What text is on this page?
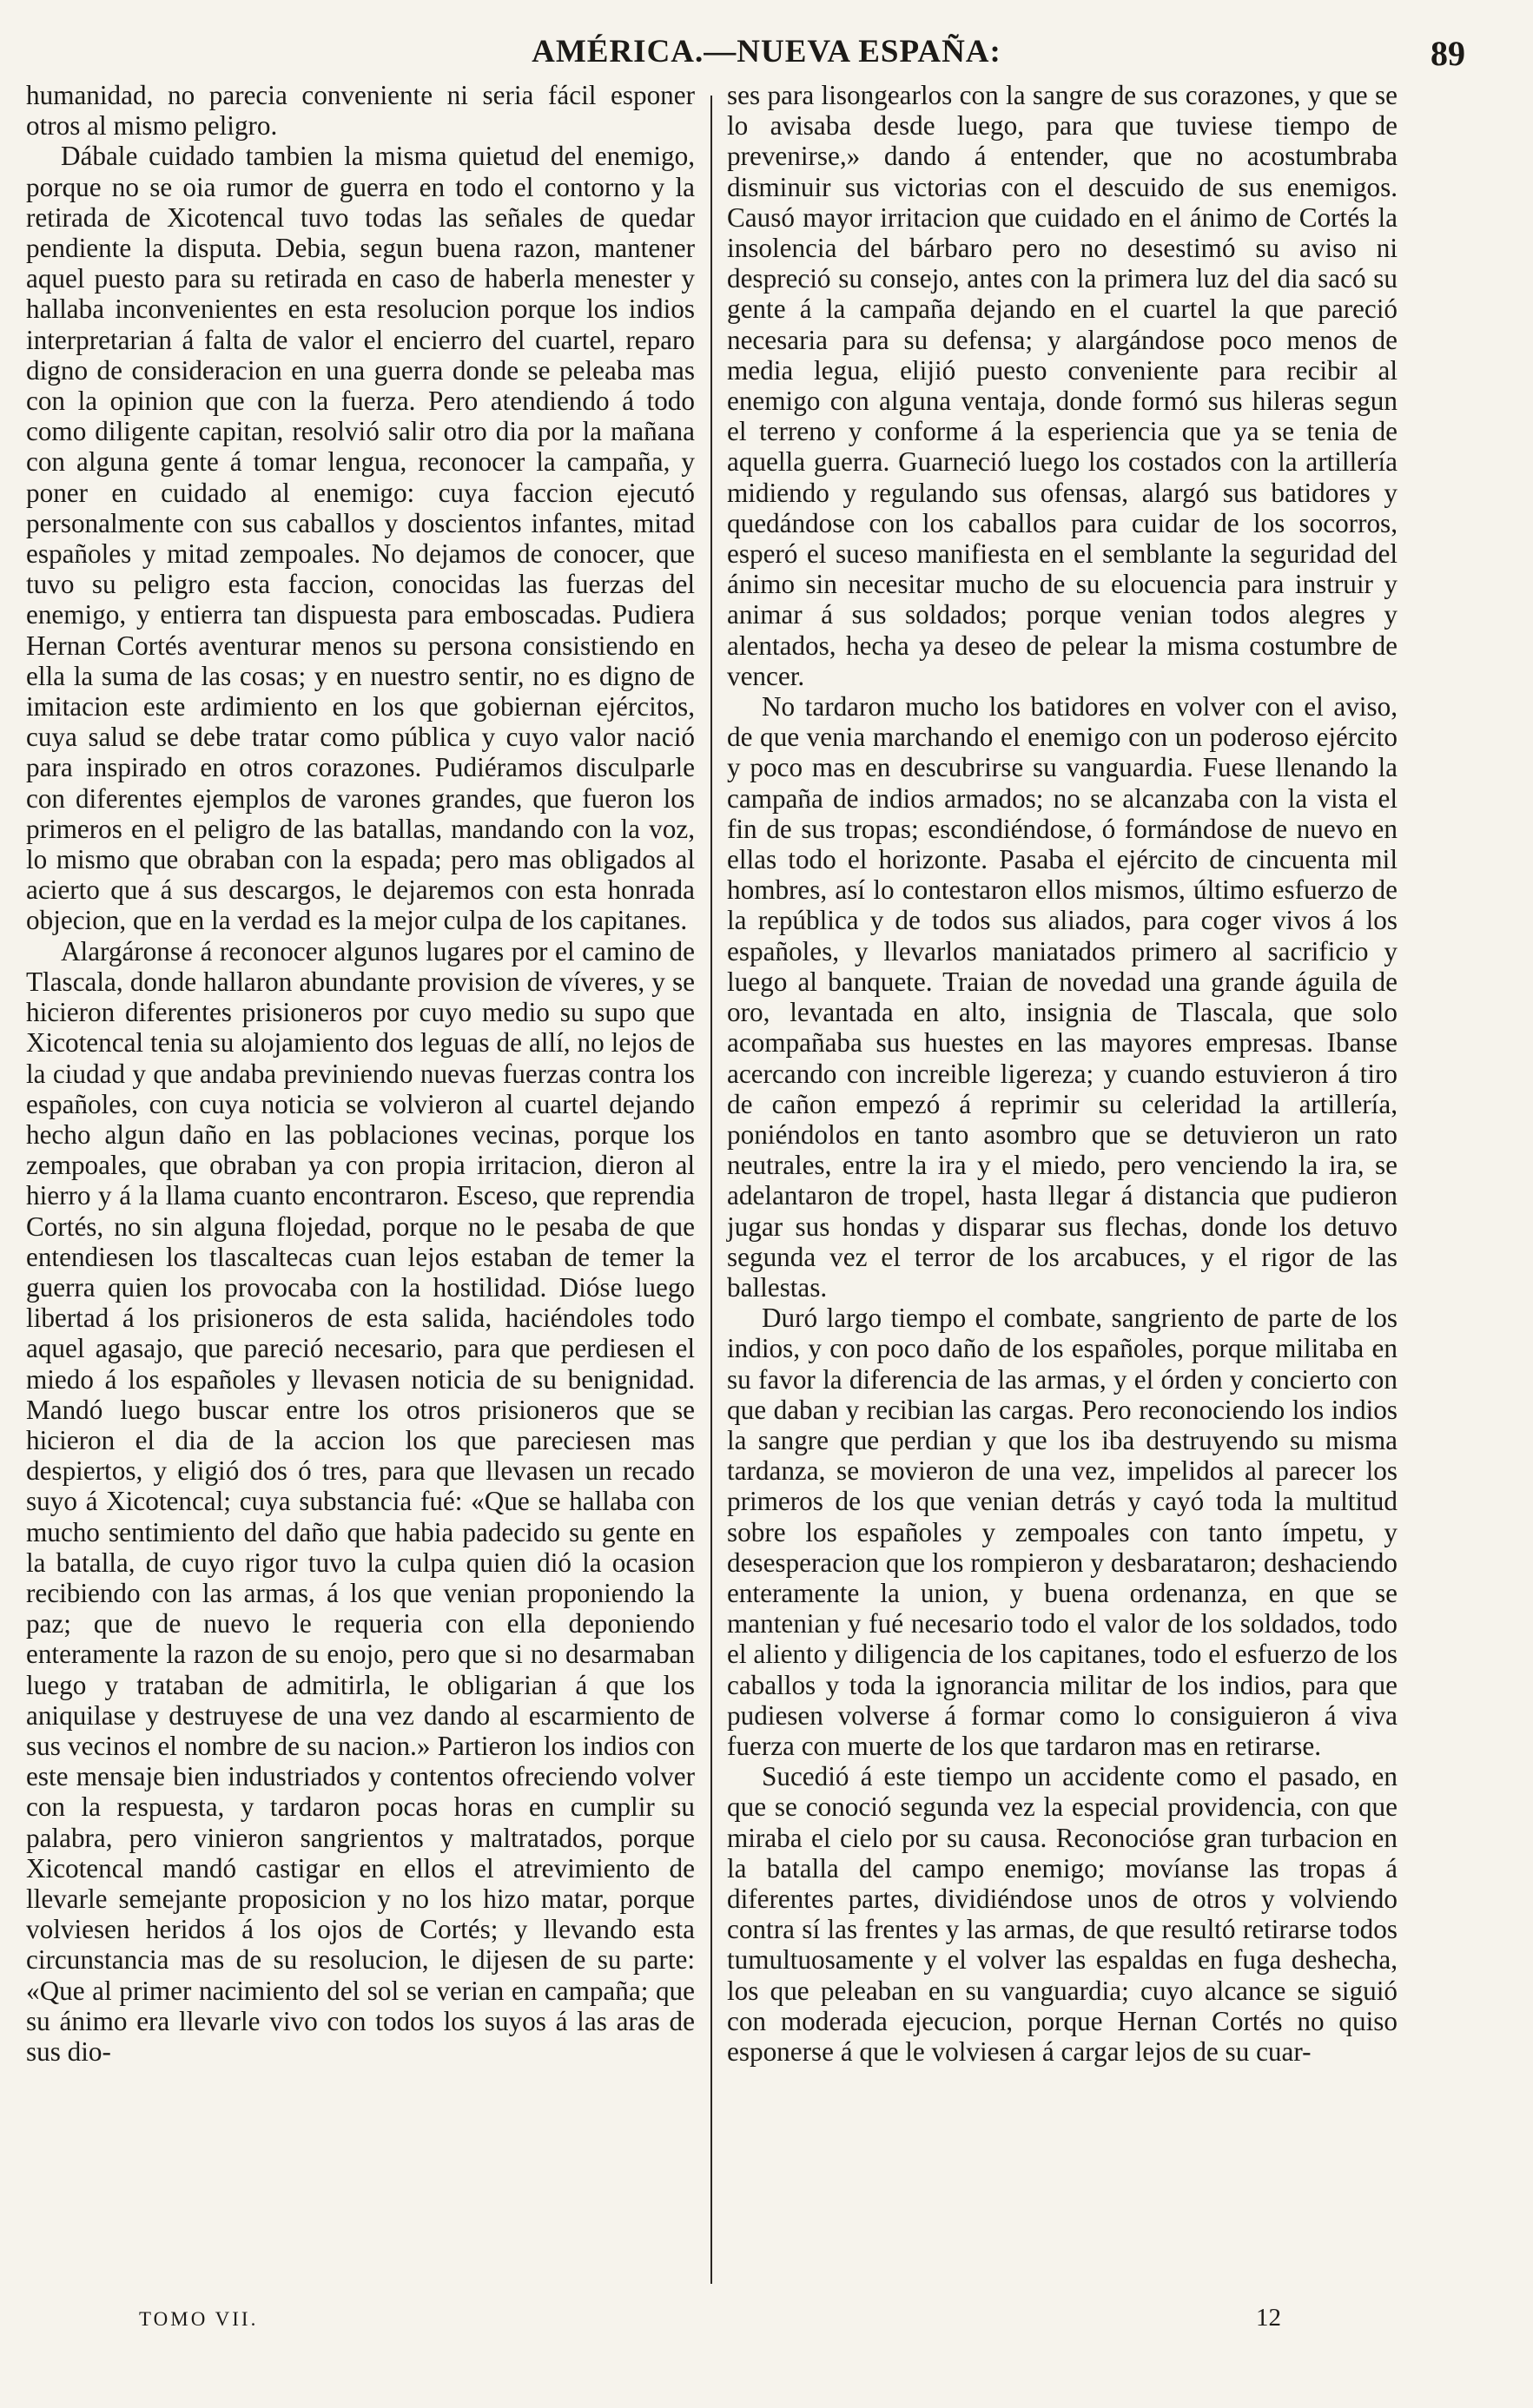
AMÉRICA.—NUEVA ESPAÑA:	89

humanidad, no parecia conveniente ni seria fácil esponer otros al mismo peligro.

Dábale cuidado tambien la misma quietud del enemigo, porque no se oia rumor de guerra en todo el contorno y la retirada de Xicotencal tuvo todas las señales de quedar pendiente la disputa. Debia, segun buena razon, mantener aquel puesto para su retirada en caso de haberla menester y hallaba inconvenientes en esta resolucion porque los indios interpretarian á falta de valor el encierro del cuartel, reparo digno de consideracion en una guerra donde se peleaba mas con la opinion que con la fuerza. Pero atendiendo á todo como diligente capitan, resolvió salir otro dia por la mañana con alguna gente á tomar lengua, reconocer la campaña, y poner en cuidado al enemigo: cuya faccion ejecutó personalmente con sus caballos y doscientos infantes, mitad españoles y mitad zempoales. No dejamos de conocer, que tuvo su peligro esta faccion, conocidas las fuerzas del enemigo, y entierra tan dispuesta para emboscadas. Pudiera Hernan Cortés aventurar menos su persona consistiendo en ella la suma de las cosas; y en nuestro sentir, no es digno de imitacion este ardimiento en los que gobiernan ejércitos, cuya salud se debe tratar como pública y cuyo valor nació para inspirado en otros corazones. Pudiéramos disculparle con diferentes ejemplos de varones grandes, que fueron los primeros en el peligro de las batallas, mandando con la voz, lo mismo que obraban con la espada; pero mas obligados al acierto que á sus descargos, le dejaremos con esta honrada objecion, que en la verdad es la mejor culpa de los capitanes.

Alargáronse á reconocer algunos lugares por el camino de Tlascala, donde hallaron abundante provision de víveres, y se hicieron diferentes prisioneros por cuyo medio su supo que Xicotencal tenia su alojamiento dos leguas de allí, no lejos de la ciudad y que andaba previniendo nuevas fuerzas contra los españoles, con cuya noticia se volvieron al cuartel dejando hecho algun daño en las poblaciones vecinas, porque los zempoales, que obraban ya con propia irritacion, dieron al hierro y á la llama cuanto encontraron. Esceso, que reprendia Cortés, no sin alguna flojedad, porque no le pesaba de que entendiesen los tlascaltecas cuan lejos estaban de temer la guerra quien los provocaba con la hostilidad. Dióse luego libertad á los prisioneros de esta salida, haciéndoles todo aquel agasajo, que pareció necesario, para que perdiesen el miedo á los españoles y llevasen noticia de su benignidad. Mandó luego buscar entre los otros prisioneros que se hicieron el dia de la accion los que pareciesen mas despiertos, y eligió dos ó tres, para que llevasen un recado suyo á Xicotencal; cuya substancia fué: «Que se hallaba con mucho sentimiento del daño que habia padecido su gente en la batalla, de cuyo rigor tuvo la culpa quien dió la ocasion recibiendo con las armas, á los que venian proponiendo la paz; que de nuevo le requeria con ella deponiendo enteramente la razon de su enojo, pero que si no desarmaban luego y trataban de admitirla, le obligarian á que los aniquilase y destruyese de una vez dando al escarmiento de sus vecinos el nombre de su nacion.» Partieron los indios con este mensaje bien industriados y contentos ofreciendo volver con la respuesta, y tardaron pocas horas en cumplir su palabra, pero vinieron sangrientos y maltratados, porque Xicotencal mandó castigar en ellos el atrevimiento de llevarle semejante proposicion y no los hizo matar, porque volviesen heridos á los ojos de Cortés; y llevando esta circunstancia mas de su resolucion, le dijesen de su parte: «Que al primer nacimiento del sol se verian en campaña; que su ánimo era llevarle vivo con todos los suyos á las aras de sus dio-

ses para lisongearlos con la sangre de sus corazones, y que se lo avisaba desde luego, para que tuviese tiempo de prevenirse,» dando á entender, que no acostumbraba disminuir sus victorias con el descuido de sus enemigos. Causó mayor irritacion que cuidado en el ánimo de Cortés la insolencia del bárbaro pero no desestimó su aviso ni despreció su consejo, antes con la primera luz del dia sacó su gente á la campaña dejando en el cuartel la que pareció necesaria para su defensa; y alargándose poco menos de media legua, elijió puesto conveniente para recibir al enemigo con alguna ventaja, donde formó sus hileras segun el terreno y conforme á la esperiencia que ya se tenia de aquella guerra. Guarneció luego los costados con la artillería midiendo y regulando sus ofensas, alargó sus batidores y quedándose con los caballos para cuidar de los socorros, esperó el suceso manifiesta en el semblante la seguridad del ánimo sin necesitar mucho de su elocuencia para instruir y animar á sus soldados; porque venian todos alegres y alentados, hecha ya deseo de pelear la misma costumbre de vencer.

No tardaron mucho los batidores en volver con el aviso, de que venia marchando el enemigo con un poderoso ejército y poco mas en descubrirse su vanguardia. Fuese llenando la campaña de indios armados; no se alcanzaba con la vista el fin de sus tropas; escondiéndose, ó formándose de nuevo en ellas todo el horizonte. Pasaba el ejército de cincuenta mil hombres, así lo contestaron ellos mismos, último esfuerzo de la república y de todos sus aliados, para coger vivos á los españoles, y llevarlos maniatados primero al sacrificio y luego al banquete. Traian de novedad una grande águila de oro, levantada en alto, insignia de Tlascala, que solo acompañaba sus huestes en las mayores empresas. Ibanse acercando con increible ligereza; y cuando estuvieron á tiro de cañon empezó á reprimir su celeridad la artillería, poniéndolos en tanto asombro que se detuvieron un rato neutrales, entre la ira y el miedo, pero venciendo la ira, se adelantaron de tropel, hasta llegar á distancia que pudieron jugar sus hondas y disparar sus flechas, donde los detuvo segunda vez el terror de los arcabuces, y el rigor de las ballestas.

Duró largo tiempo el combate, sangriento de parte de los indios, y con poco daño de los españoles, porque militaba en su favor la diferencia de las armas, y el órden y concierto con que daban y recibian las cargas. Pero reconociendo los indios la sangre que perdian y que los iba destruyendo su misma tardanza, se movieron de una vez, impelidos al parecer los primeros de los que venian detrás y cayó toda la multitud sobre los españoles y zempoales con tanto ímpetu, y desesperacion que los rompieron y desbarataron; deshaciendo enteramente la union, y buena ordenanza, en que se mantenian y fué necesario todo el valor de los soldados, todo el aliento y diligencia de los capitanes, todo el esfuerzo de los caballos y toda la ignorancia militar de los indios, para que pudiesen volverse á formar como lo consiguieron á viva fuerza con muerte de los que tardaron mas en retirarse.

Sucedió á este tiempo un accidente como el pasado, en que se conoció segunda vez la especial providencia, con que miraba el cielo por su causa. Reconocióse gran turbacion en la batalla del campo enemigo; movíanse las tropas á diferentes partes, dividiéndose unos de otros y volviendo contra sí las frentes y las armas, de que resultó retirarse todos tumultuosamente y el volver las espaldas en fuga deshecha, los que peleaban en su vanguardia; cuyo alcance se siguió con moderada ejecucion, porque Hernan Cortés no quiso esponerse á que le volviesen á cargar lejos de su cuar-

TOMO VII.	12
